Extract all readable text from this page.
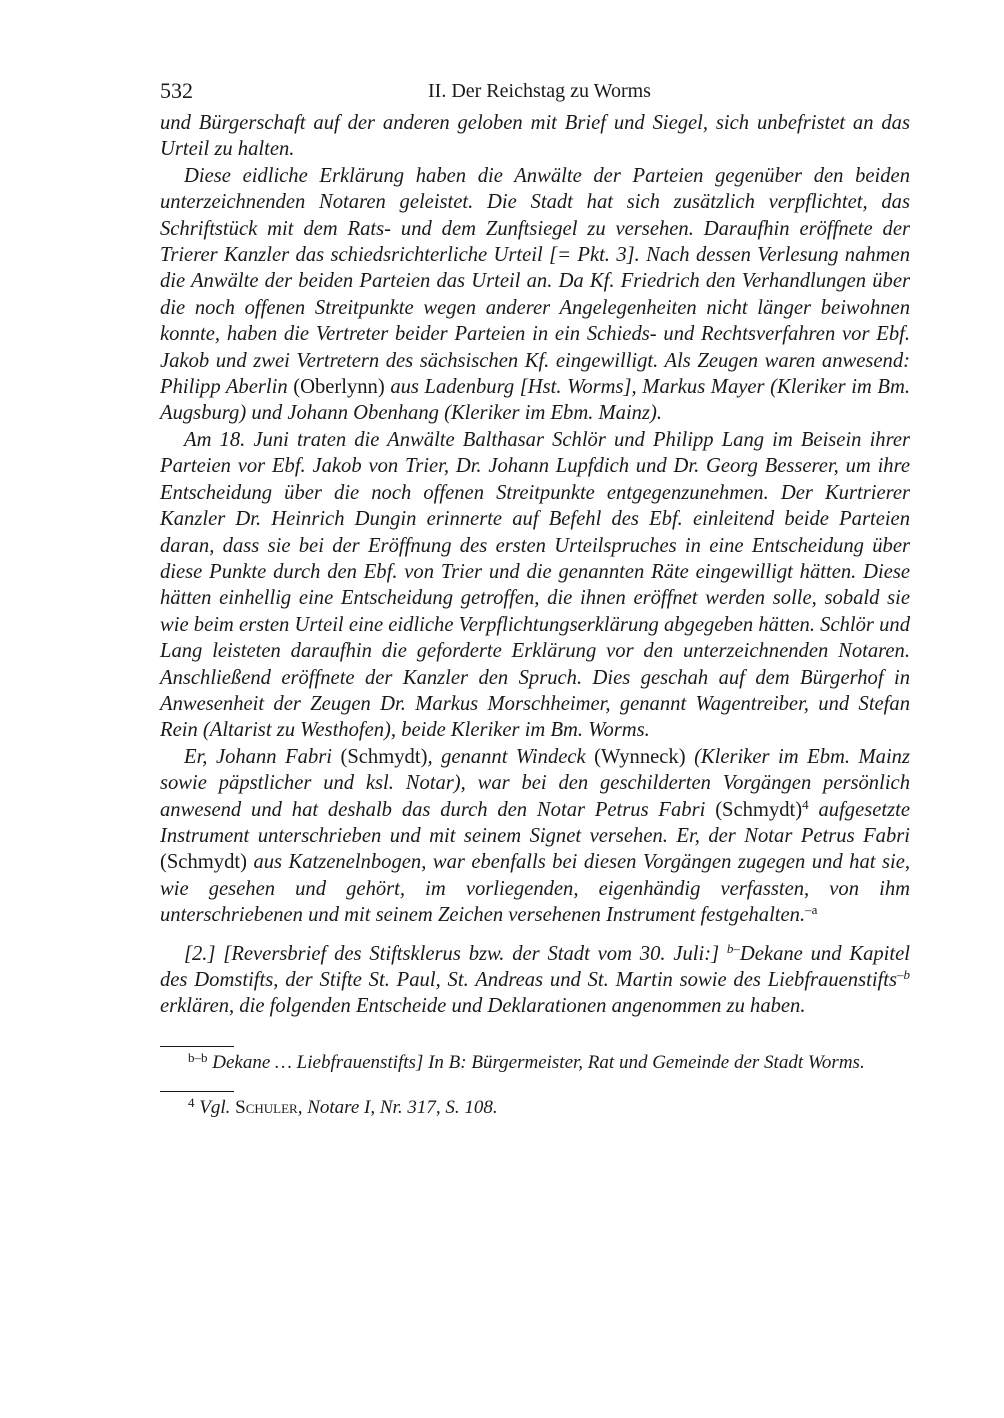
532	II. Der Reichstag zu Worms

und Bürgerschaft auf der anderen geloben mit Brief und Siegel, sich unbefristet an das Urteil zu halten.

Diese eidliche Erklärung haben die Anwälte der Parteien gegenüber den beiden unterzeichnenden Notaren geleistet. Die Stadt hat sich zusätzlich verpflichtet, das Schriftstück mit dem Rats- und dem Zunftsiegel zu versehen. Daraufhin eröffnete der Trierer Kanzler das schiedsrichterliche Urteil [= Pkt. 3]. Nach dessen Verlesung nahmen die Anwälte der beiden Parteien das Urteil an. Da Kf. Friedrich den Verhandlungen über die noch offenen Streitpunkte wegen anderer Angelegenheiten nicht länger beiwohnen konnte, haben die Vertreter beider Parteien in ein Schieds- und Rechtsverfahren vor Ebf. Jakob und zwei Vertretern des sächsischen Kf. eingewilligt. Als Zeugen waren anwesend: Philipp Aberlin (Oberlynn) aus Ladenburg [Hst. Worms], Markus Mayer (Kleriker im Bm. Augsburg) und Johann Obenhang (Kleriker im Ebm. Mainz).

Am 18. Juni traten die Anwälte Balthasar Schlör und Philipp Lang im Beisein ihrer Parteien vor Ebf. Jakob von Trier, Dr. Johann Lupfdich und Dr. Georg Besserer, um ihre Entscheidung über die noch offenen Streitpunkte entgegenzunehmen. Der Kurtrierer Kanzler Dr. Heinrich Dungin erinnerte auf Befehl des Ebf. einleitend beide Parteien daran, dass sie bei der Eröffnung des ersten Urteilspruches in eine Entscheidung über diese Punkte durch den Ebf. von Trier und die genannten Räte eingewilligt hätten. Diese hätten einhellig eine Entscheidung getroffen, die ihnen eröffnet werden solle, sobald sie wie beim ersten Urteil eine eidliche Verpflichtungserklärung abgegeben hätten. Schlör und Lang leisteten daraufhin die geforderte Erklärung vor den unterzeichnenden Notaren. Anschließend eröffnete der Kanzler den Spruch. Dies geschah auf dem Bürgerhof in Anwesenheit der Zeugen Dr. Markus Morschheimer, genannt Wagentreiber, und Stefan Rein (Altarist zu Westhofen), beide Kleriker im Bm. Worms.

Er, Johann Fabri (Schmydt), genannt Windeck (Wynneck) (Kleriker im Ebm. Mainz sowie päpstlicher und ksl. Notar), war bei den geschilderten Vorgängen persönlich anwesend und hat deshalb das durch den Notar Petrus Fabri (Schmydt)$^4$ aufgesetzte Instrument unterschrieben und mit seinem Signet versehen. Er, der Notar Petrus Fabri (Schmydt) aus Katzenelnbogen, war ebenfalls bei diesen Vorgängen zugegen und hat sie, wie gesehen und gehört, im vorliegenden, eigenhändig verfassten, von ihm unterschriebenen und mit seinem Zeichen versehenen Instrument festgehalten.$^{-a}$

[2.] [Reversbrief des Stiftsklerus bzw. der Stadt vom 30. Juli:] $^{b-}$Dekane und Kapitel des Domstifts, der Stifte St. Paul, St. Andreas und St. Martin sowie des Liebfrauenstifts$^{-b}$ erklären, die folgenden Entscheide und Deklarationen angenommen zu haben.

$^{b-b}$ Dekane … Liebfrauenstifts] In B: Bürgermeister, Rat und Gemeinde der Stadt Worms.

$^4$ Vgl. Schuler, Notare I, Nr. 317, S. 108.
